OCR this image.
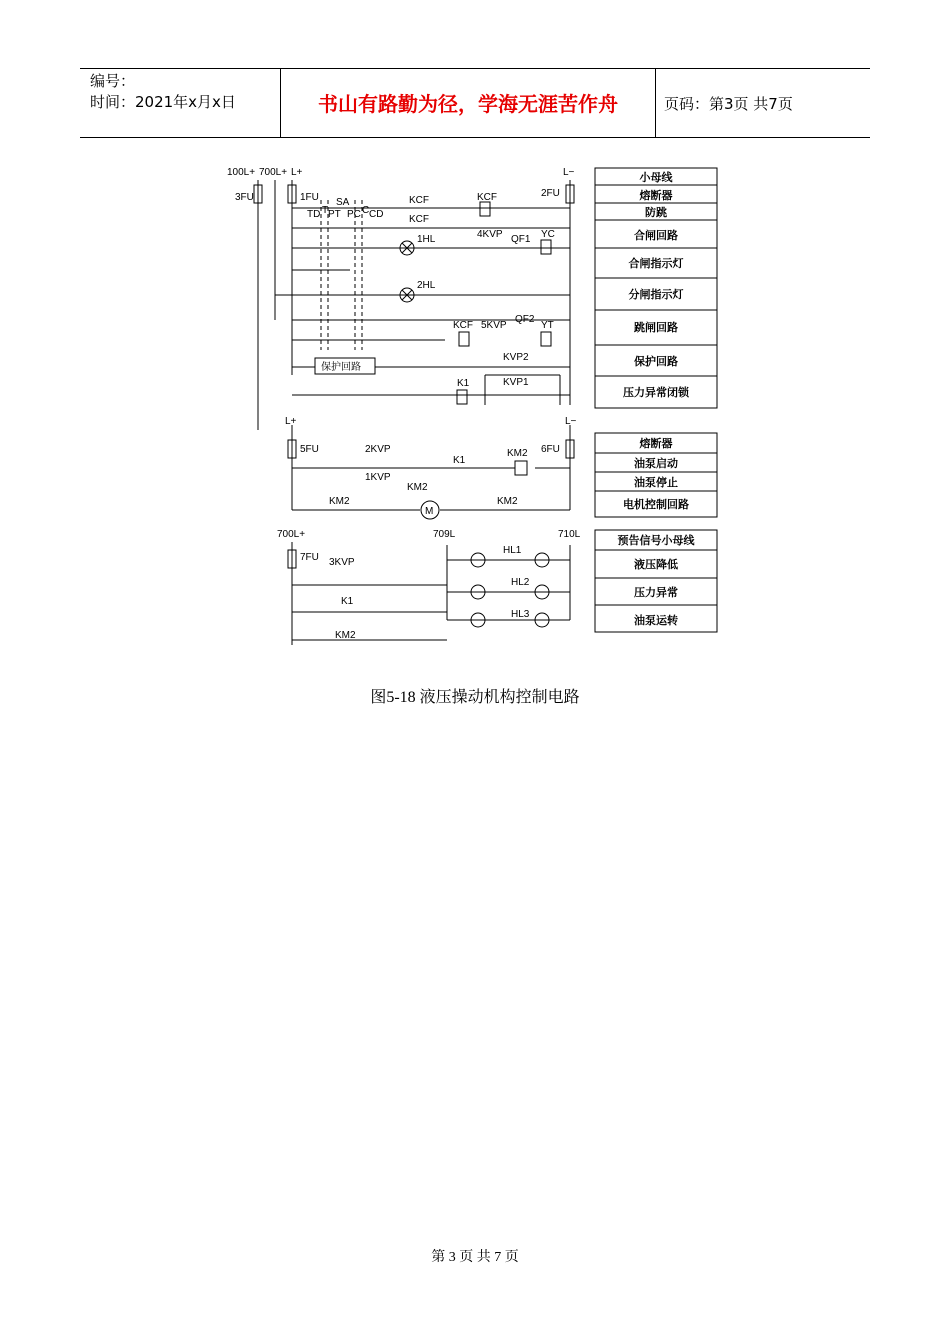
编号：
时间：2021年x月x日	书山有路勤为径，学海无涯苦作舟	页码：第3页 共7页
100L+ 700L+ L+	L−
3FU	1FU	2FU
SA
TD T PT PC C CD
KCF	KCF
KCF
1HL	4KVP QF1 YC
2HL
KCF 5KVP
QF2
YT
KVP2
KVP1
K1
保护回路
L+	L−
5FU	6FU
2KVP
1KVP
K1
KM2
KM2
KM2	KM2
M
700L+	709L	710L
7FU 3KVP
K1
KM2
HL1
HL2
HL3
小母线
熔断器
防跳
合闸回路
合闸指示灯
分闸指示灯
跳闸回路
保护回路
压力异常闭锁
熔断器
油泵启动
油泵停止
电机控制回路
预告信号小母线
液压降低
压力异常
油泵运转
图5-18 液压操动机构控制电路
第 3 页 共 7 页
